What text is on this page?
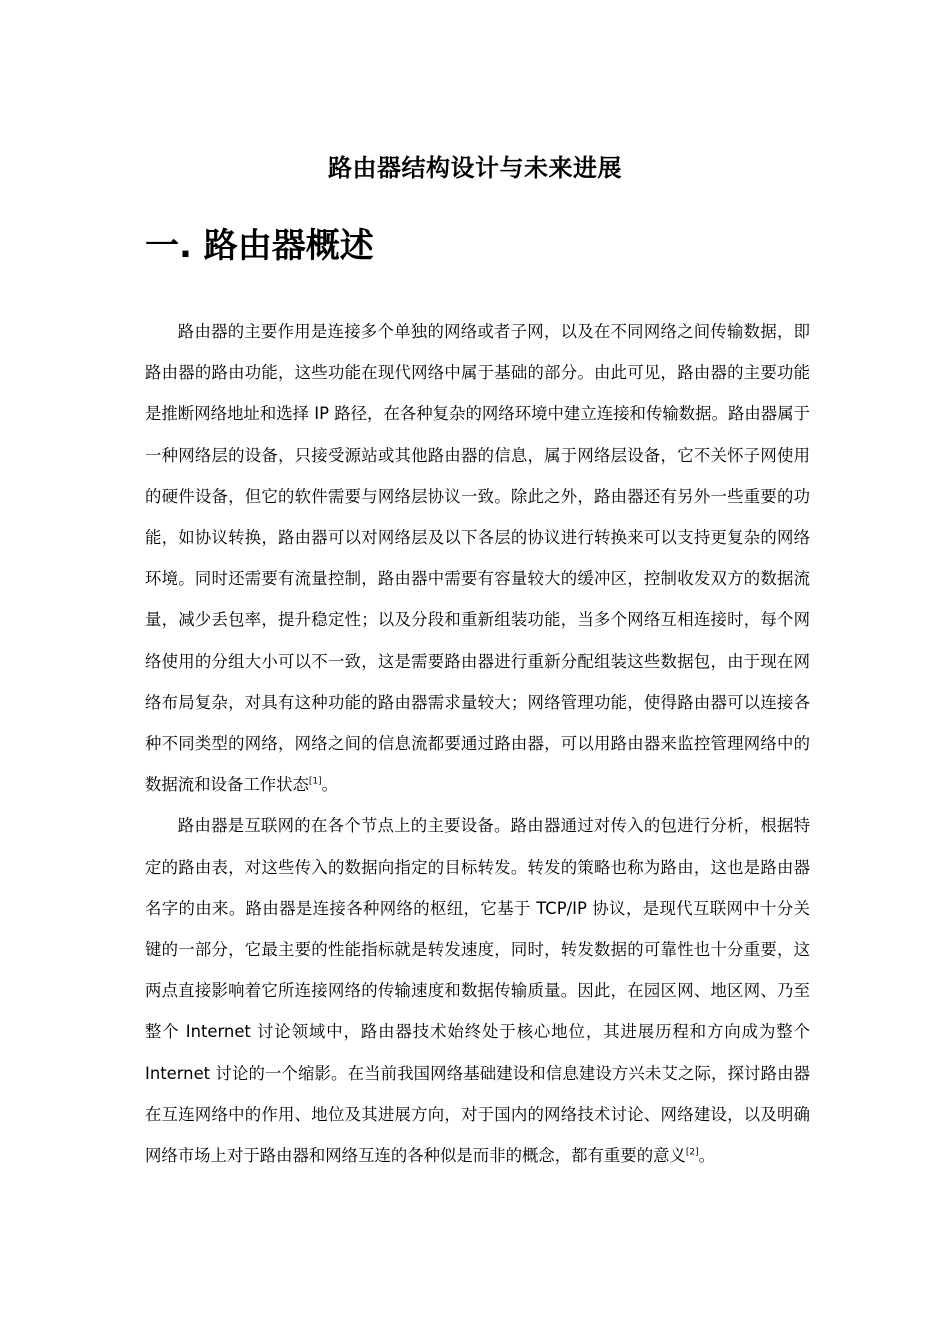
路由器结构设计与未来进展
一. 路由器概述

路由器的主要作用是连接多个单独的网络或者子网，以及在不同网络之间传输数据，即路由器的路由功能，这些功能在现代网络中属于基础的部分。由此可见，路由器的主要功能是推断网络地址和选择 IP 路径，在各种复杂的网络环境中建立连接和传输数据。路由器属于一种网络层的设备，只接受源站或其他路由器的信息，属于网络层设备，它不关怀子网使用的硬件设备，但它的软件需要与网络层协议一致。除此之外，路由器还有另外一些重要的功能，如协议转换，路由器可以对网络层及以下各层的协议进行转换来可以支持更复杂的网络环境。同时还需要有流量控制，路由器中需要有容量较大的缓冲区，控制收发双方的数据流量，减少丢包率，提升稳定性；以及分段和重新组装功能，当多个网络互相连接时，每个网络使用的分组大小可以不一致，这是需要路由器进行重新分配组装这些数据包，由于现在网络布局复杂，对具有这种功能的路由器需求量较大；网络管理功能，使得路由器可以连接各种不同类型的网络，网络之间的信息流都要通过路由器，可以用路由器来监控管理网络中的数据流和设备工作状态[1]。

路由器是互联网的在各个节点上的主要设备。路由器通过对传入的包进行分析，根据特定的路由表，对这些传入的数据向指定的目标转发。转发的策略也称为路由，这也是路由器名字的由来。路由器是连接各种网络的枢纽，它基于 TCP/IP 协议，是现代互联网中十分关键的一部分，它最主要的性能指标就是转发速度，同时，转发数据的可靠性也十分重要，这两点直接影响着它所连接网络的传输速度和数据传输质量。因此，在园区网、地区网、乃至整个 Internet 讨论领域中，路由器技术始终处于核心地位，其进展历程和方向成为整个 Internet 讨论的一个缩影。在当前我国网络基础建设和信息建设方兴未艾之际，探讨路由器在互连网络中的作用、地位及其进展方向，对于国内的网络技术讨论、网络建设，以及明确网络市场上对于路由器和网络互连的各种似是而非的概念，都有重要的意义[2]。
